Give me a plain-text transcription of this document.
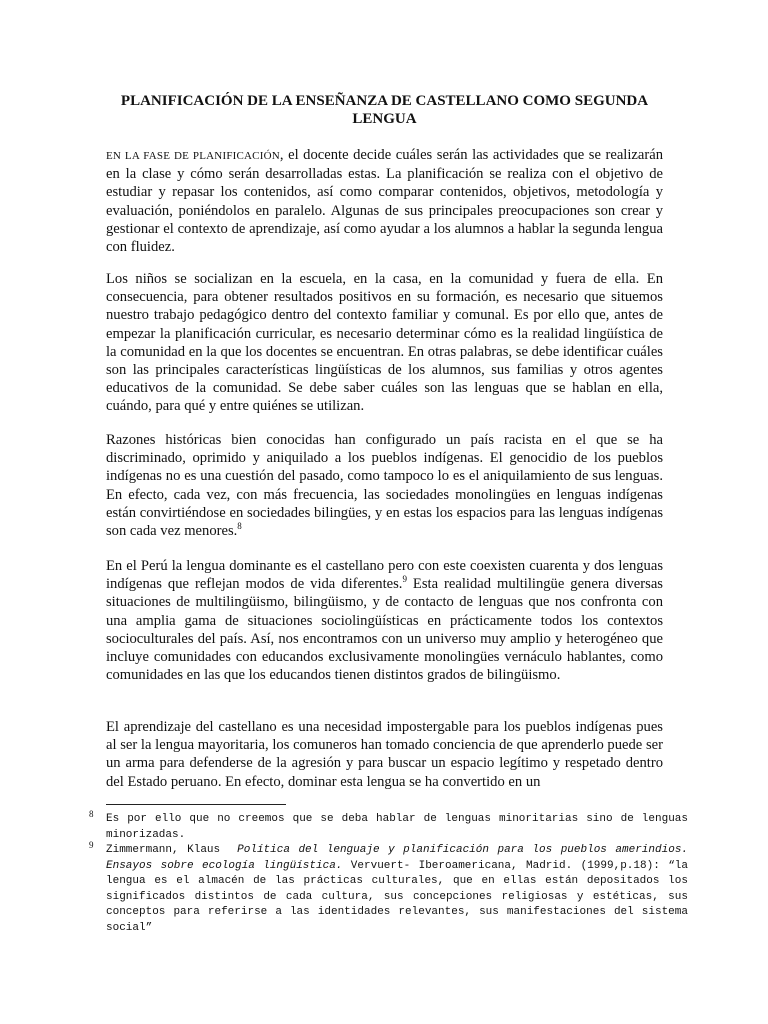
PLANIFICACIÓN DE LA ENSEÑANZA DE CASTELLANO COMO SEGUNDA LENGUA

EN LA FASE DE PLANIFICACIÓN, el docente decide cuáles serán las actividades que se realizarán en la clase y cómo serán desarrolladas estas. La planificación se realiza con el objetivo de estudiar y repasar los contenidos, así como comparar contenidos, objetivos, metodología y evaluación, poniéndolos en paralelo. Algunas de sus principales preocupaciones son crear y gestionar el contexto de aprendizaje, así como ayudar a los alumnos a hablar la segunda lengua con fluidez.

Los niños se socializan en la escuela, en la casa, en la comunidad y fuera de ella. En consecuencia, para obtener resultados positivos en su formación, es necesario que situemos nuestro trabajo pedagógico dentro del contexto familiar y comunal. Es por ello que, antes de empezar la planificación curricular, es necesario determinar cómo es la realidad lingüística de la comunidad en la que los docentes se encuentran. En otras palabras, se debe identificar cuáles son las principales características lingüísticas de los alumnos, sus familias y otros agentes educativos de la comunidad. Se debe saber cuáles son las lenguas que se hablan en ella, cuándo, para qué y entre quiénes se utilizan.

Razones históricas bien conocidas han configurado un país racista en el que se ha discriminado, oprimido y aniquilado a los pueblos indígenas. El genocidio de los pueblos indígenas no es una cuestión del pasado, como tampoco lo es el aniquilamiento de sus lenguas. En efecto, cada vez, con más frecuencia, las sociedades monolingües en lenguas indígenas están convirtiéndose en sociedades bilingües, y en estas los espacios para las lenguas indígenas son cada vez menores.$^8$

En el Perú la lengua dominante es el castellano pero con este coexisten cuarenta y dos lenguas indígenas que reflejan modos de vida diferentes.$^9$ Esta realidad multilingüe genera diversas situaciones de multilingüismo, bilingüismo, y de contacto de lenguas que nos confronta con una amplia gama de situaciones sociolingüísticas en prácticamente todos los contextos socioculturales del país. Así, nos encontramos con un universo muy amplio y heterogéneo que incluye comunidades con educandos exclusivamente monolingües vernáculo hablantes, como comunidades en las que los educandos tienen distintos grados de bilingüismo.

El aprendizaje del castellano es una necesidad impostergable para los pueblos indígenas pues al ser la lengua mayoritaria, los comuneros han tomado conciencia de que aprenderlo puede ser un arma para defenderse de la agresión y para buscar un espacio legítimo y respetado dentro del Estado peruano. En efecto, dominar esta lengua se ha convertido en un

8 Es por ello que no creemos que se deba hablar de lenguas minoritarias sino de lenguas minorizadas.

9 Zimmermann, Klaus Política del lenguaje y planificación para los pueblos amerindios. Ensayos sobre ecología lingüística. Vervuert- Iberoamericana, Madrid. (1999,p.18): “la lengua es el almacén de las prácticas culturales, que en ellas están depositados los significados distintos de cada cultura, sus concepciones religiosas y estéticas, sus conceptos para referirse a las identidades relevantes, sus manifestaciones del sistema social”
